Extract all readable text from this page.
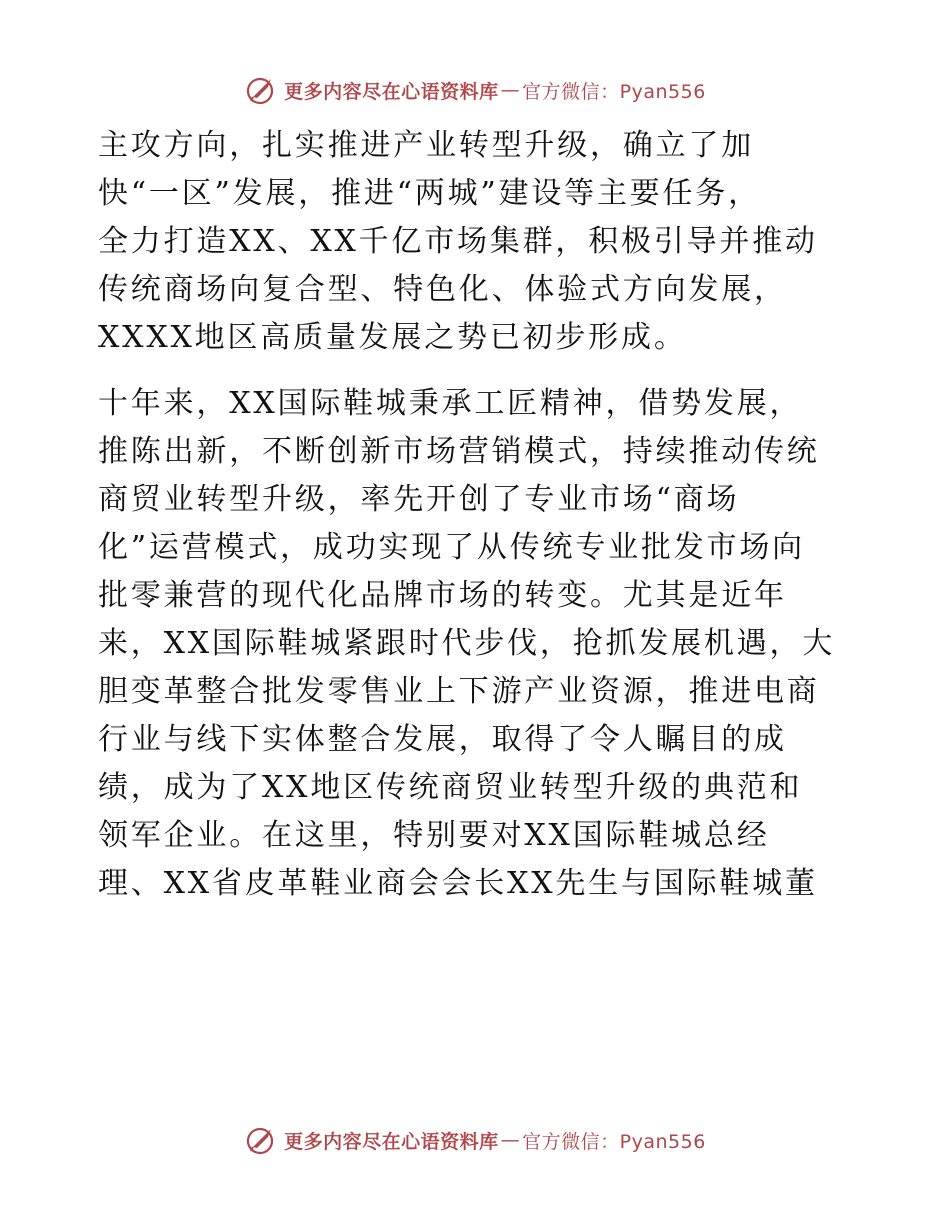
更多内容尽在心语资料库 — 官方微信：Pyan556

主攻方向，扎实推进产业转型升级，确立了加
快“一区”发展，推进“两城”建设等主要任务，
全力打造XX、XX千亿市场集群，积极引导并推动
传统商场向复合型、特色化、体验式方向发展，
XXXX地区高质量发展之势已初步形成。

十年来，XX国际鞋城秉承工匠精神，借势发展，
推陈出新，不断创新市场营销模式，持续推动传统
商贸业转型升级，率先开创了专业市场“商场
化”运营模式，成功实现了从传统专业批发市场向
批零兼营的现代化品牌市场的转变。尤其是近年
来，XX国际鞋城紧跟时代步伐，抢抓发展机遇，大
胆变革整合批发零售业上下游产业资源，推进电商
行业与线下实体整合发展，取得了令人瞩目的成
绩，成为了XX地区传统商贸业转型升级的典范和
领军企业。在这里，特别要对XX国际鞋城总经
理、XX省皮革鞋业商会会长XX先生与国际鞋城董

更多内容尽在心语资料库 — 官方微信：Pyan556
